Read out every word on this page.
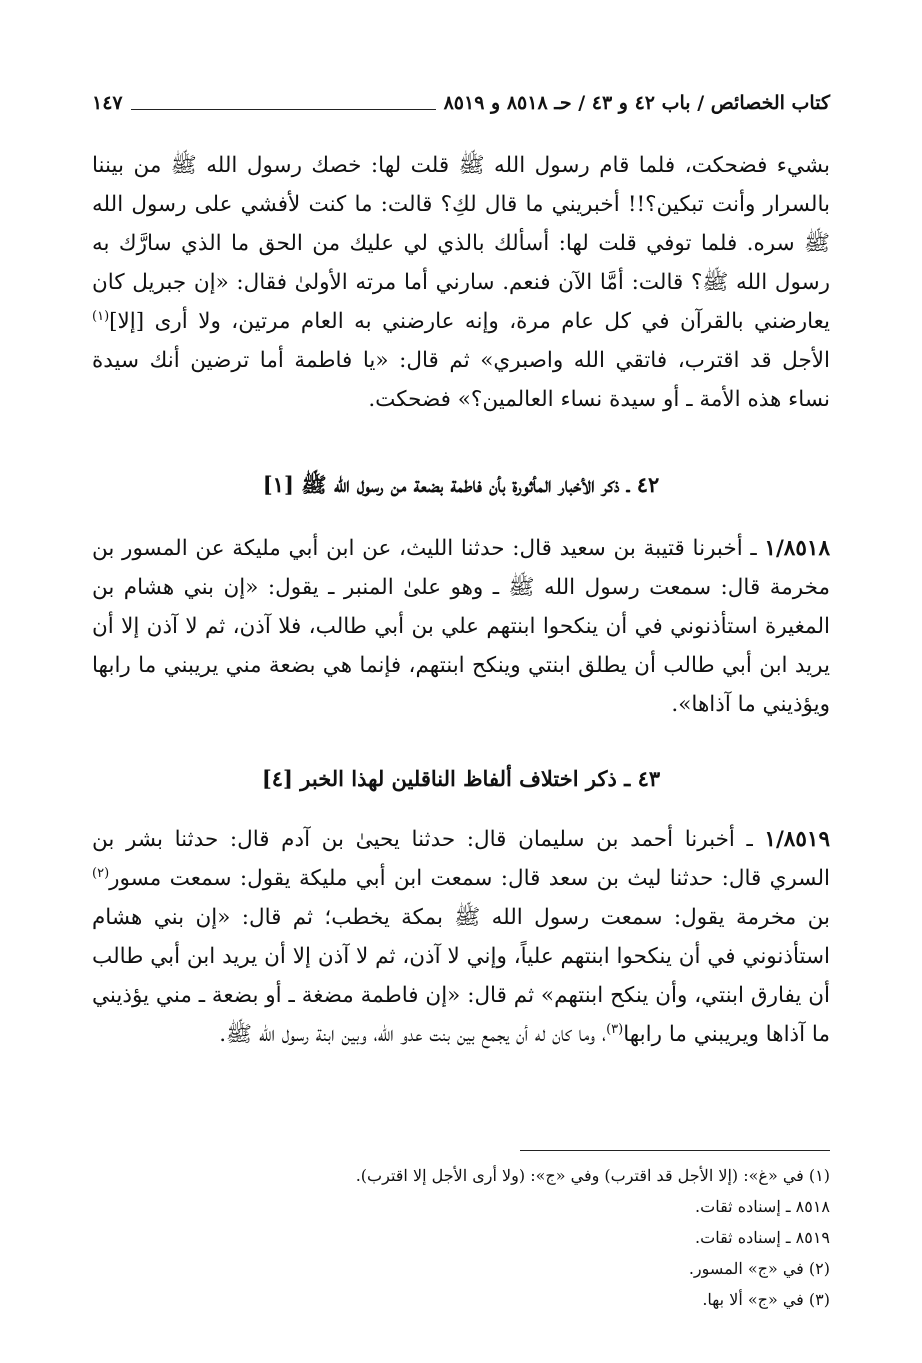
كتاب الخصائص / باب ٤٢ و ٤٣ / حـ ٨٥١٨ و ٨٥١٩
١٤٧

بشيء فضحكت، فلما قام رسول الله ﷺ قلت لها: خصك رسول الله ﷺ من بيننا بالسرار وأنت تبكين؟!! أخبريني ما قال لكِ؟ قالت: ما كنت لأفشي على رسول الله ﷺ سره. فلما توفي قلت لها: أسألك بالذي لي عليك من الحق ما الذي سارَّك به رسول الله ﷺ؟ قالت: أمَّا الآن فنعم. سارني أما مرته الأولىٰ فقال: «إن جبريل كان يعارضني بالقرآن في كل عام مرة، وإنه عارضني به العام مرتين، ولا أرى [إلا]$^{(١)}$ الأجل قد اقترب، فاتقي الله واصبري» ثم قال: «يا فاطمة أما ترضين أنك سيدة نساء هذه الأمة ـ أو سيدة نساء العالمين؟» فضحكت.

٤٢ ـ ذكر الأخبار المأثورة بأن فاطمة بضعة من رسول الله ﷺ [١]

١/٨٥١٨ ـ أخبرنا قتيبة بن سعيد قال: حدثنا الليث، عن ابن أبي مليكة عن المسور بن مخرمة قال: سمعت رسول الله ﷺ ـ وهو علىٰ المنبر ـ يقول: «إن بني هشام بن المغيرة استأذنوني في أن ينكحوا ابنتهم علي بن أبي طالب، فلا آذن، ثم لا آذن إلا أن يريد ابن أبي طالب أن يطلق ابنتي وينكح ابنتهم، فإنما هي بضعة مني يريبني ما رابها ويؤذيني ما آذاها».

٤٣ ـ ذكر اختلاف ألفاظ الناقلين لهذا الخبر [٤]

١/٨٥١٩ ـ أخبرنا أحمد بن سليمان قال: حدثنا يحيىٰ بن آدم قال: حدثنا بشر بن السري قال: حدثنا ليث بن سعد قال: سمعت ابن أبي مليكة يقول: سمعت مسور$^{(٢)}$ بن مخرمة يقول: سمعت رسول الله ﷺ بمكة يخطب؛ ثم قال: «إن بني هشام استأذنوني في أن ينكحوا ابنتهم علياً، وإني لا آذن، ثم لا آذن إلا أن يريد ابن أبي طالب أن يفارق ابنتي، وأن ينكح ابنتهم» ثم قال: «إن فاطمة مضغة ـ أو بضعة ـ مني يؤذيني ما آذاها ويريبني ما رابها$^{(٣)}$، وما كان له أن يجمع بين بنت عدو الله، وبين ابنة رسول الله ﷺ.

(١) في «غ»: (إلا الأجل قد اقترب) وفي «ج»: (ولا أرى الأجل إلا اقترب).
٨٥١٨ ـ إسناده ثقات.
٨٥١٩ ـ إسناده ثقات.
(٢) في «ج» المسور.
(٣) في «ج» ألا بها.
